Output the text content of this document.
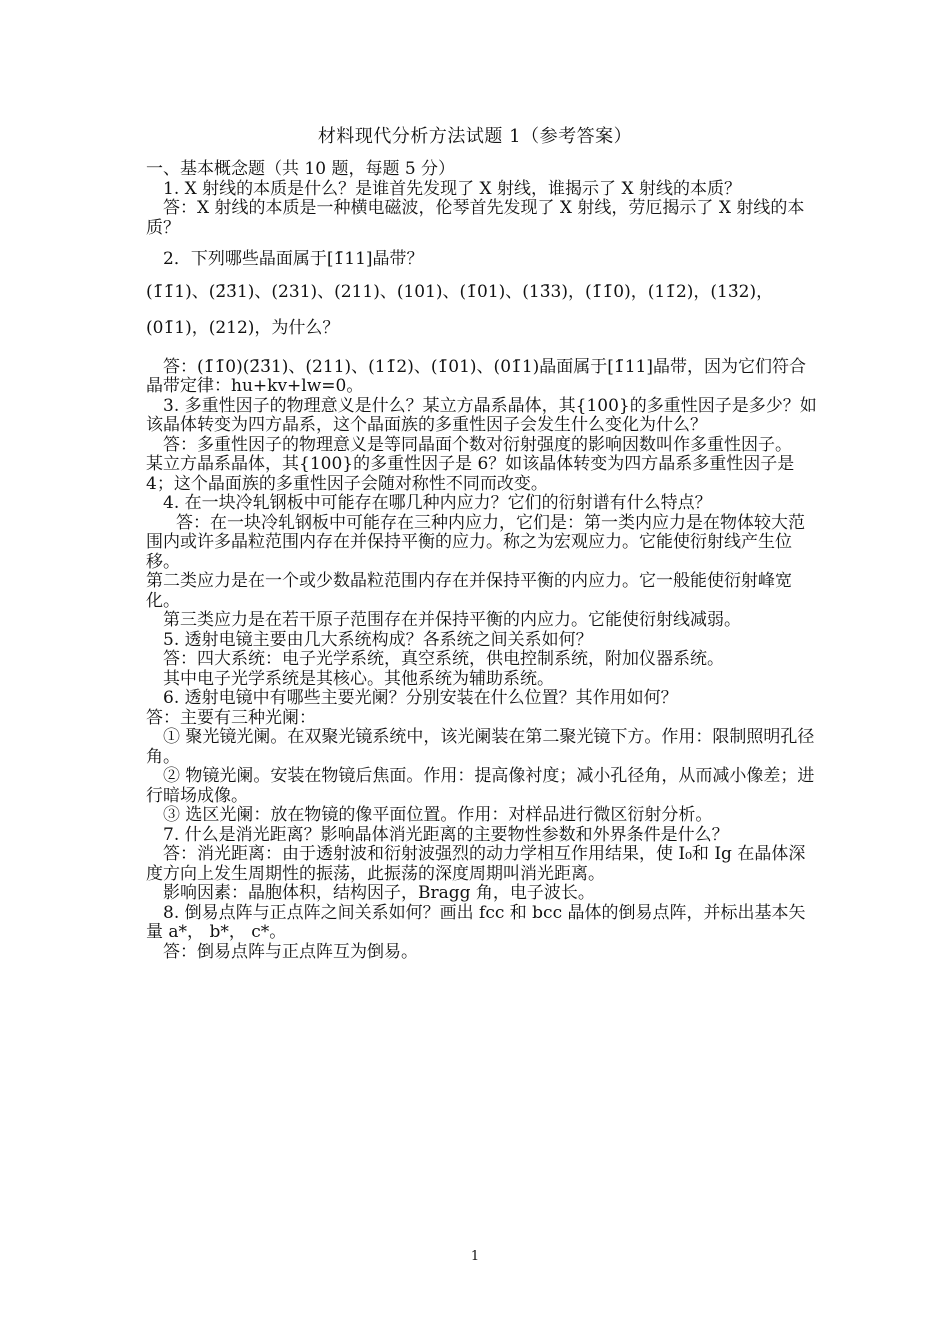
材料现代分析方法试题 1（参考答案）

一、基本概念题（共 10 题，每题 5 分）

1. X 射线的本质是什么？是谁首先发现了 X 射线，谁揭示了 X 射线的本质？

答：X 射线的本质是一种横电磁波，伦琴首先发现了 X 射线，劳厄揭示了 X 射线的本质？

2．下列哪些晶面属于[1̄11]晶带？

(1̄1̄1)、(2̄3̄1)、(231)、(211)、(101)、(1̄01)、(13̄3)，(1̄1̄0)，(11̄2)，(13̄2)，(01̄1)，(212)，为什么？

答：(1̄1̄0)(2̄3̄1)、(211)、(11̄2)、(1̄01)、(01̄1)晶面属于[1̄11]晶带，因为它们符合晶带定律：hu+kv+lw=0。

3. 多重性因子的物理意义是什么？某立方晶系晶体，其{100}的多重性因子是多少？如该晶体转变为四方晶系，这个晶面族的多重性因子会发生什么变化为什么？

答：多重性因子的物理意义是等同晶面个数对衍射强度的影响因数叫作多重性因子。

某立方晶系晶体，其{100}的多重性因子是 6？如该晶体转变为四方晶系多重性因子是 4；这个晶面族的多重性因子会随对称性不同而改变。

4. 在一块冷轧钢板中可能存在哪几种内应力？它们的衍射谱有什么特点？

答：在一块冷轧钢板中可能存在三种内应力，它们是：第一类内应力是在物体较大范围内或许多晶粒范围内存在并保持平衡的应力。称之为宏观应力。它能使衍射线产生位移。

第二类应力是在一个或少数晶粒范围内存在并保持平衡的内应力。它一般能使衍射峰宽化。

第三类应力是在若干原子范围存在并保持平衡的内应力。它能使衍射线减弱。

5. 透射电镜主要由几大系统构成？各系统之间关系如何？

答：四大系统：电子光学系统，真空系统，供电控制系统，附加仪器系统。

其中电子光学系统是其核心。其他系统为辅助系统。

6. 透射电镜中有哪些主要光阑？分别安装在什么位置？其作用如何？

答：主要有三种光阑：

① 聚光镜光阑。在双聚光镜系统中，该光阑装在第二聚光镜下方。作用：限制照明孔径角。

② 物镜光阑。安装在物镜后焦面。作用：提高像衬度；减小孔径角，从而减小像差；进行暗场成像。

③ 选区光阑：放在物镜的像平面位置。作用：对样品进行微区衍射分析。

7. 什么是消光距离？影响晶体消光距离的主要物性参数和外界条件是什么？

答：消光距离：由于透射波和衍射波强烈的动力学相互作用结果，使 I₀和 Ig 在晶体深度方向上发生周期性的振荡，此振荡的深度周期叫消光距离。

影响因素：晶胞体积，结构因子，Bragg 角，电子波长。

8. 倒易点阵与正点阵之间关系如何？画出 fcc 和 bcc 晶体的倒易点阵，并标出基本矢量 a*， b*， c*。

答：倒易点阵与正点阵互为倒易。

1
